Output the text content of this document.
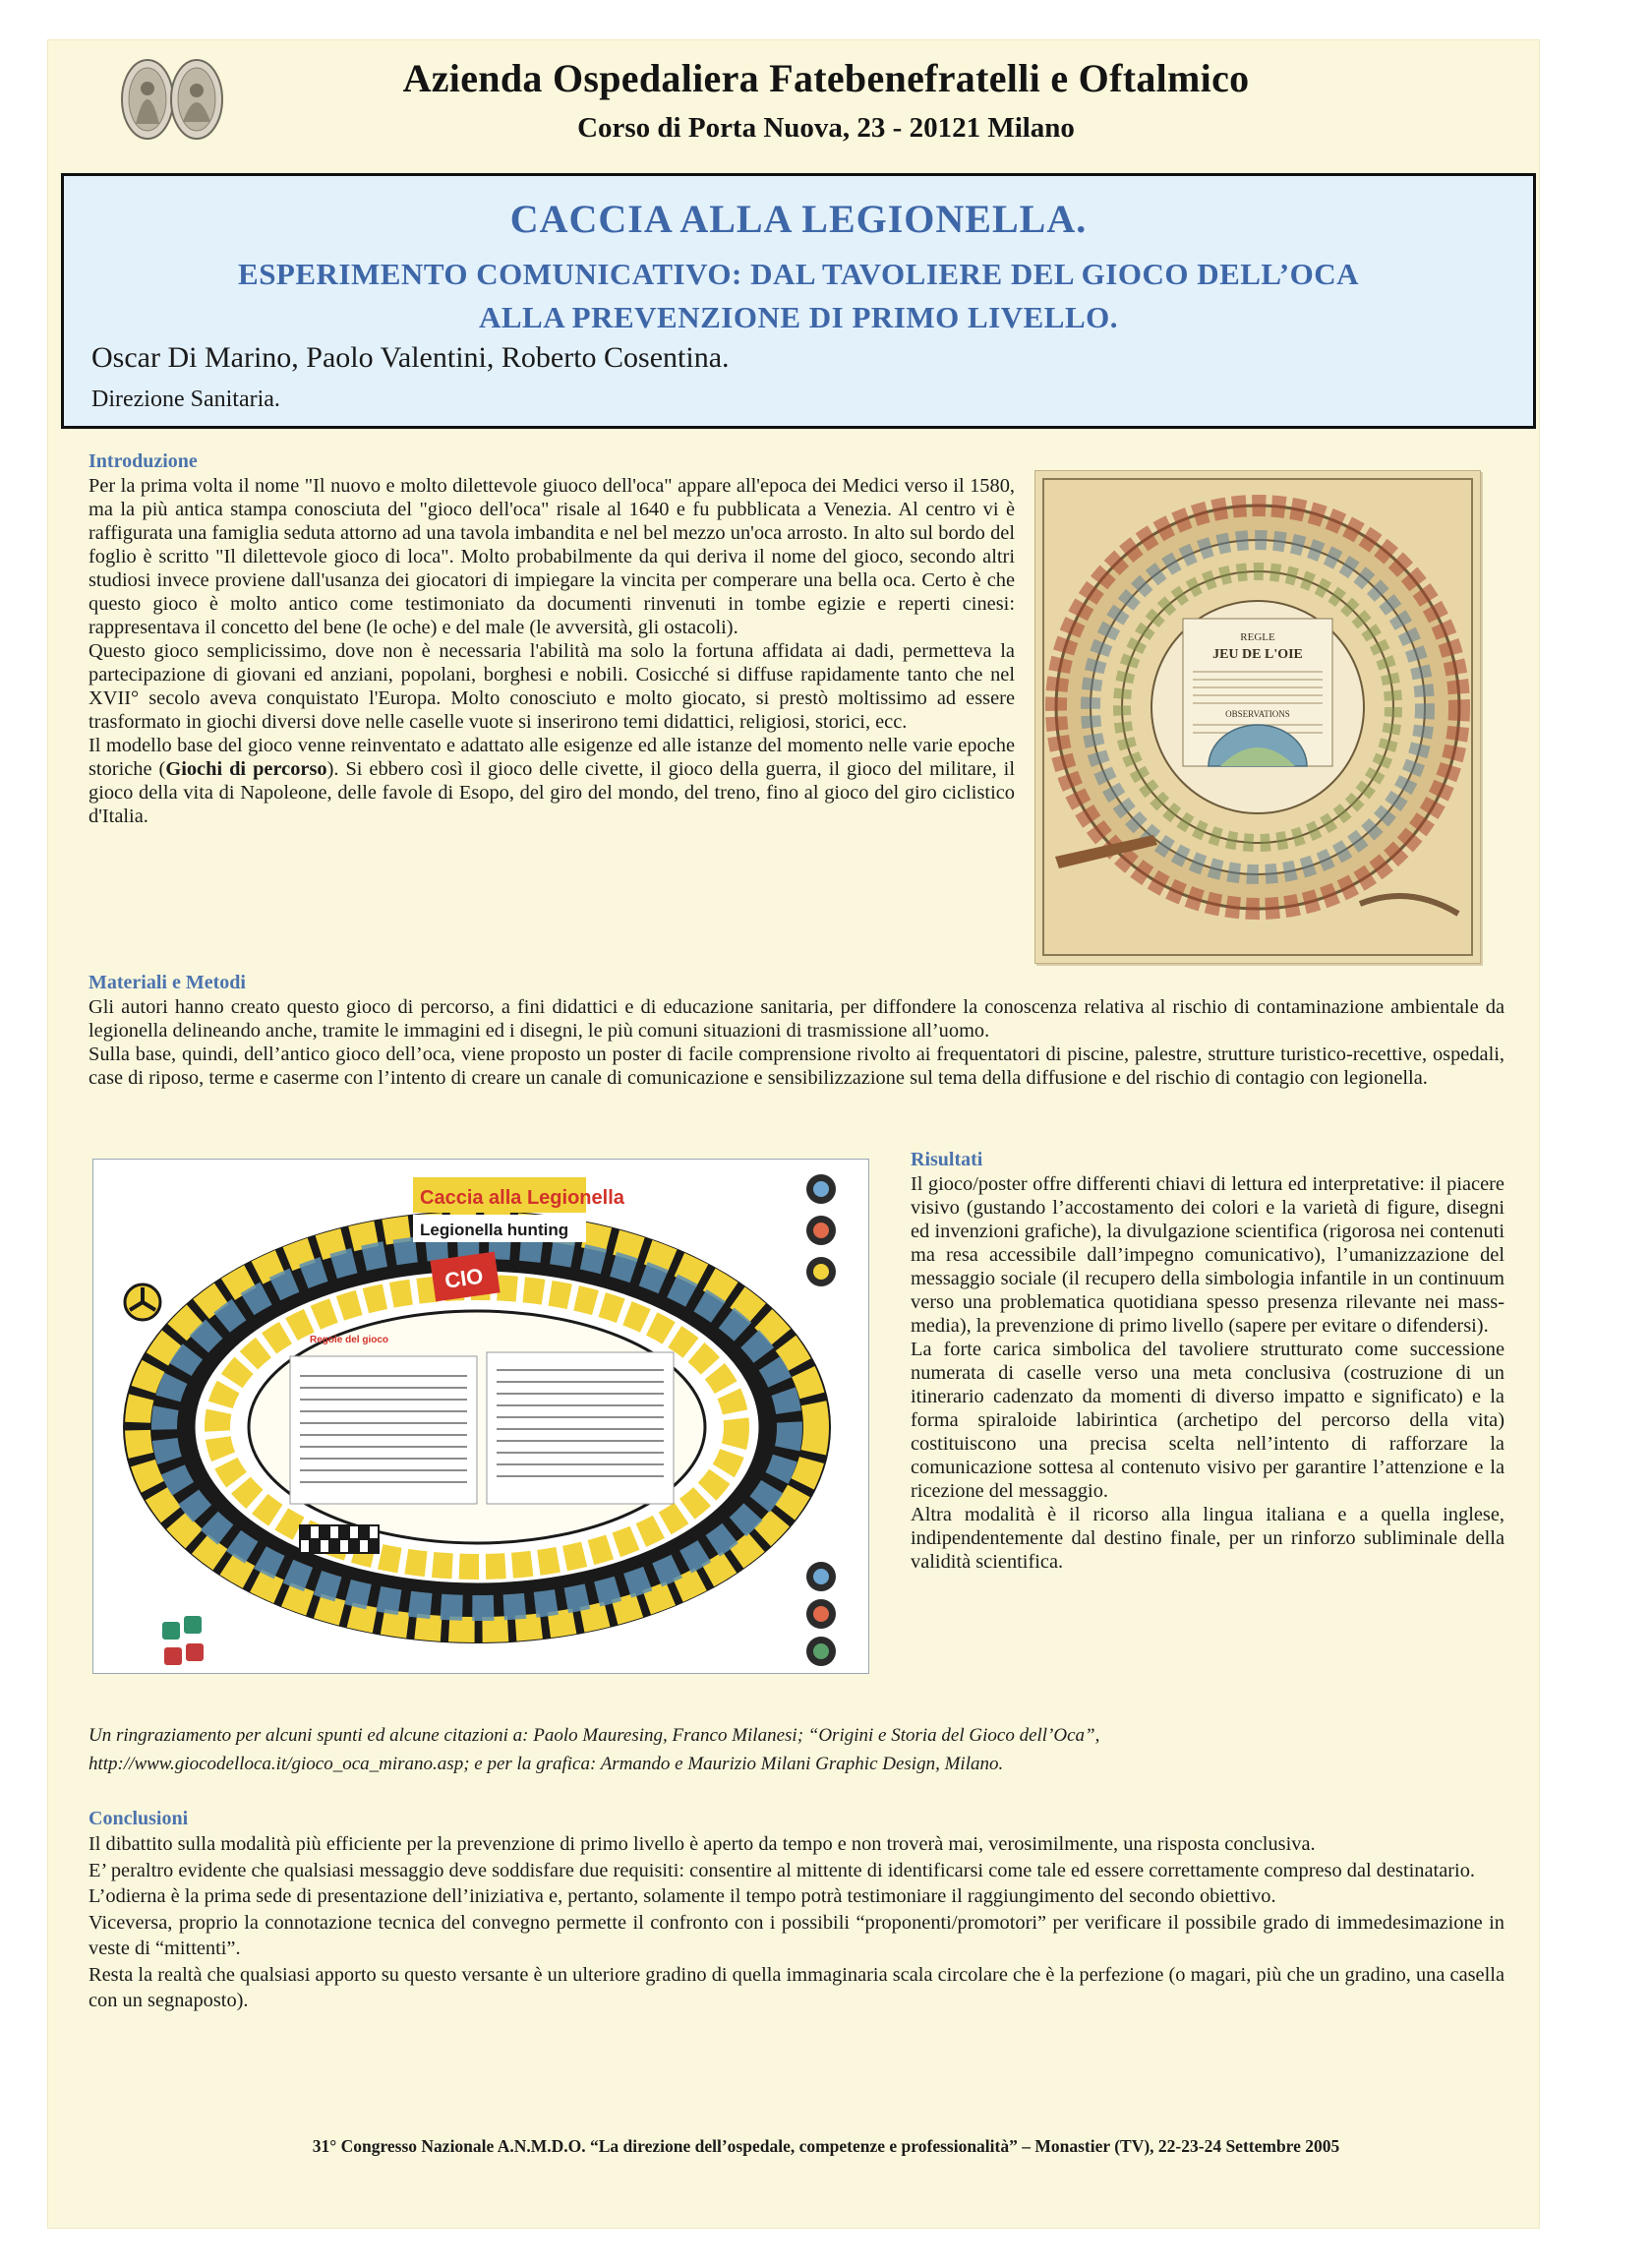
Azienda Ospedaliera Fatebenefratelli e Oftalmico
Corso di Porta Nuova, 23 - 20121 Milano
CACCIA ALLA LEGIONELLA.
ESPERIMENTO COMUNICATIVO: DAL TAVOLIERE DEL GIOCO DELL’OCA
ALLA PREVENZIONE DI PRIMO LIVELLO.
Oscar Di Marino, Paolo Valentini, Roberto Cosentina.
Direzione Sanitaria.
Introduzione

Per la prima volta il nome "Il nuovo e molto dilettevole giuoco dell'oca" appare all'epoca dei Medici verso il 1580, ma la più antica stampa conosciuta del "gioco dell'oca" risale al 1640 e fu pubblicata a Venezia. Al centro vi è raffigurata una famiglia seduta attorno ad una tavola imbandita e nel bel mezzo un'oca arrosto. In alto sul bordo del foglio è scritto "Il dilettevole gioco di loca". Molto probabilmente da qui deriva il nome del gioco, secondo altri studiosi invece proviene dall'usanza dei giocatori di impiegare la vincita per comperare una bella oca. Certo è che questo gioco è molto antico come testimoniato da documenti rinvenuti in tombe egizie e reperti cinesi: rappresentava il concetto del bene (le oche) e del male (le avversità, gli ostacoli).

Questo gioco semplicissimo, dove non è necessaria l'abilità ma solo la fortuna affidata ai dadi, permetteva la partecipazione di giovani ed anziani, popolani, borghesi e nobili. Cosicché si diffuse rapidamente tanto che nel XVII° secolo aveva conquistato l'Europa. Molto conosciuto e molto giocato, si prestò moltissimo ad essere trasformato in giochi diversi dove nelle caselle vuote si inserirono temi didattici, religiosi, storici, ecc.

Il modello base del gioco venne reinventato e adattato alle esigenze ed alle istanze del momento nelle varie epoche storiche (Giochi di percorso). Si ebbero così il gioco delle civette, il gioco della guerra, il gioco del militare, il gioco della vita di Napoleone, delle favole di Esopo, del giro del mondo, del treno, fino al gioco del giro ciclistico d'Italia.

REGLE
JEU DE L'OIE
OBSERVATIONS
Materiali e Metodi

Gli autori hanno creato questo gioco di percorso, a fini didattici e di educazione sanitaria, per diffondere la conoscenza relativa al rischio di contaminazione ambientale da legionella delineando anche, tramite le immagini ed i disegni, le più comuni situazioni di trasmissione all’uomo.

Sulla base, quindi, dell’antico gioco dell’oca, viene proposto un poster di facile comprensione rivolto ai frequentatori di piscine, palestre, strutture turistico-recettive, ospedali, case di riposo, terme e caserme con l’intento di creare un canale di comunicazione e sensibilizzazione sul tema della diffusione e del rischio di contagio con legionella.

Caccia alla Legionella
Legionella hunting
CIO
Regole del gioco
Risultati

Il gioco/poster offre differenti chiavi di lettura ed interpretative: il piacere visivo (gustando l’accostamento dei colori e la varietà di figure, disegni ed invenzioni grafiche), la divulgazione scientifica (rigorosa nei contenuti ma resa accessibile dall’impegno comunicativo), l’umanizzazione del messaggio sociale (il recupero della simbologia infantile in un continuum verso una problematica quotidiana spesso presenza rilevante nei mass-media), la prevenzione di primo livello (sapere per evitare o difendersi).

La forte carica simbolica del tavoliere strutturato come successione numerata di caselle verso una meta conclusiva (costruzione di un itinerario cadenzato da momenti di diverso impatto e significato) e la forma spiraloide labirintica (archetipo del percorso della vita) costituiscono una precisa scelta nell’intento di rafforzare la comunicazione sottesa al contenuto visivo per garantire l’attenzione e la ricezione del messaggio.

Altra modalità è il ricorso alla lingua italiana e a quella inglese, indipendentemente dal destino finale, per un rinforzo subliminale della validità scientifica.

Un ringraziamento per alcuni spunti ed alcune citazioni a: Paolo Mauresing, Franco Milanesi; “Origini e Storia del Gioco dell’Oca”,
http://www.giocodelloca.it/gioco_oca_mirano.asp; e per la grafica: Armando e Maurizio Milani Graphic Design, Milano.
Conclusioni

Il dibattito sulla modalità più efficiente per la prevenzione di primo livello è aperto da tempo e non troverà mai, verosimilmente, una risposta conclusiva.

E’ peraltro evidente che qualsiasi messaggio deve soddisfare due requisiti: consentire al mittente di identificarsi come tale ed essere correttamente compreso dal destinatario.

L’odierna è la prima sede di presentazione dell’iniziativa e, pertanto, solamente il tempo potrà testimoniare il raggiungimento del secondo obiettivo.

Viceversa, proprio la connotazione tecnica del convegno permette il confronto con i possibili “proponenti/promotori” per verificare il possibile grado di immedesimazione in veste di “mittenti”.

Resta la realtà che qualsiasi apporto su questo versante è un ulteriore gradino di quella immaginaria scala circolare che è la perfezione (o magari, più che un gradino, una casella con un segnaposto).

31° Congresso Nazionale A.N.M.D.O. “La direzione dell’ospedale, competenze e professionalità” – Monastier (TV), 22-23-24 Settembre 2005
